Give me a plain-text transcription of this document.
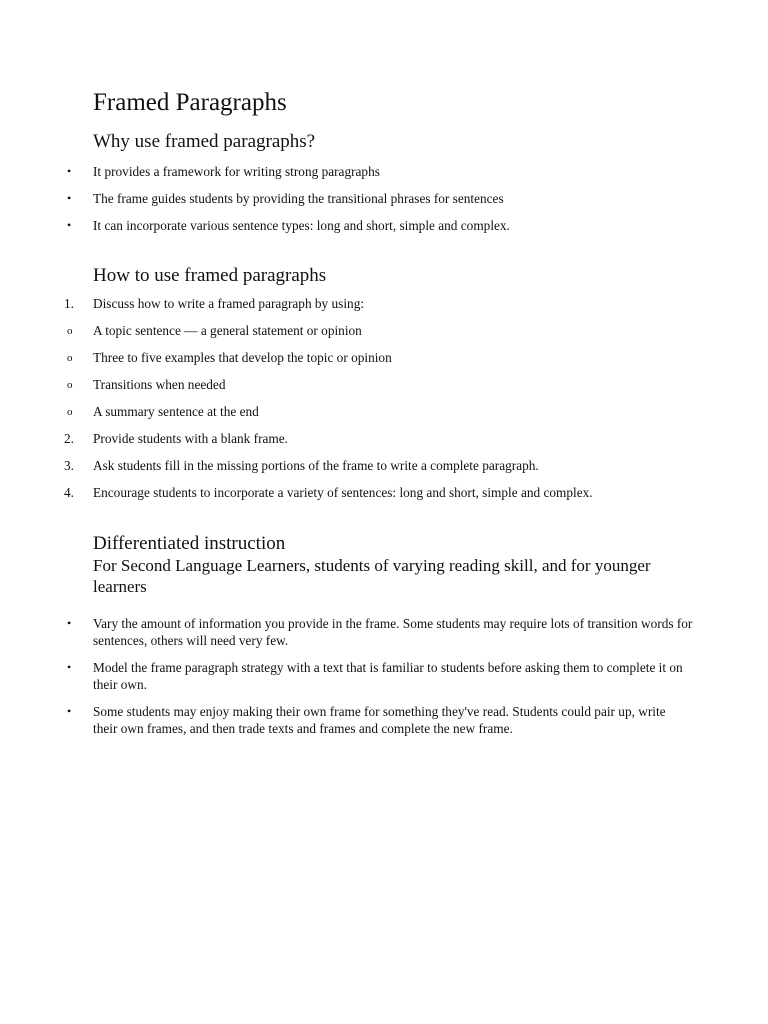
Framed Paragraphs
Why use framed paragraphs?
•	It provides a framework for writing strong paragraphs
•	The frame guides students by providing the transitional phrases for sentences
•	It can incorporate various sentence types: long and short, simple and complex.
How to use framed paragraphs
1.	Discuss how to write a framed paragraph by using:
o	A topic sentence — a general statement or opinion
o	Three to five examples that develop the topic or opinion
o	Transitions when needed
o	A summary sentence at the end
2.	Provide students with a blank frame.
3.	Ask students fill in the missing portions of the frame to write a complete paragraph.
4.	Encourage students to incorporate a variety of sentences: long and short, simple and complex.
Differentiated instruction
For Second Language Learners, students of varying reading skill, and for younger learners
•	Vary the amount of information you provide in the frame. Some students may require lots of transition words for sentences, others will need very few.
•	Model the frame paragraph strategy with a text that is familiar to students before asking them to complete it on their own.
•	Some students may enjoy making their own frame for something they've read. Students could pair up, write their own frames, and then trade texts and frames and complete the new frame.
